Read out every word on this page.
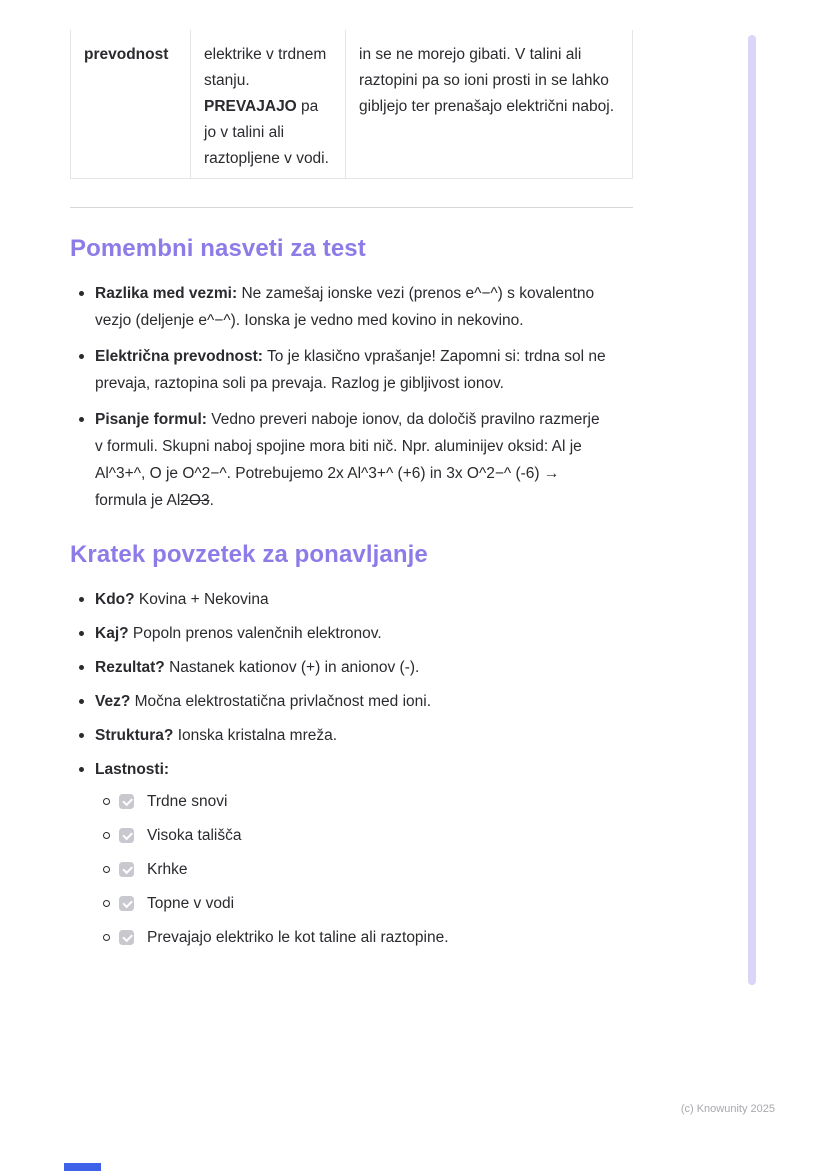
prevodnost	elektrike v trdnem stanju. PREVAJAJO pa jo v talini ali raztopljene v vodi.
in se ne morejo gibati. V talini ali raztopini pa so ioni prosti in se lahko gibljejo ter prenašajo električni naboj.
Pomembni nasveti za test
Razlika med vezmi: Ne zamešaj ionske vezi (prenos e^−^) s kovalentno vezjo (deljenje e^−^). Ionska je vedno med kovino in nekovino.
Električna prevodnost: To je klasično vprašanje! Zapomni si: trdna sol ne prevaja, raztopina soli pa prevaja. Razlog je gibljivost ionov.
Pisanje formul: Vedno preveri naboje ionov, da določiš pravilno razmerje v formuli. Skupni naboj spojine mora biti nič. Npr. aluminijev oksid: Al je Al^3+^, O je O^2−^. Potrebujemo 2x Al^3+^ (+6) in 3x O^2−^ (-6) → formula je Al2O3.
Kratek povzetek za ponavljanje
Kdo? Kovina + Nekovina
Kaj? Popoln prenos valenčnih elektronov.
Rezultat? Nastanek kationov (+) in anionov (-).
Vez? Močna elektrostatična privlačnost med ioni.
Struktura? Ionska kristalna mreža.
Lastnosti:
Trdne snovi
Visoka tališča
Krhke
Topne v vodi
Prevajajo elektriko le kot taline ali raztopine.
(c) Knowunity 2025
